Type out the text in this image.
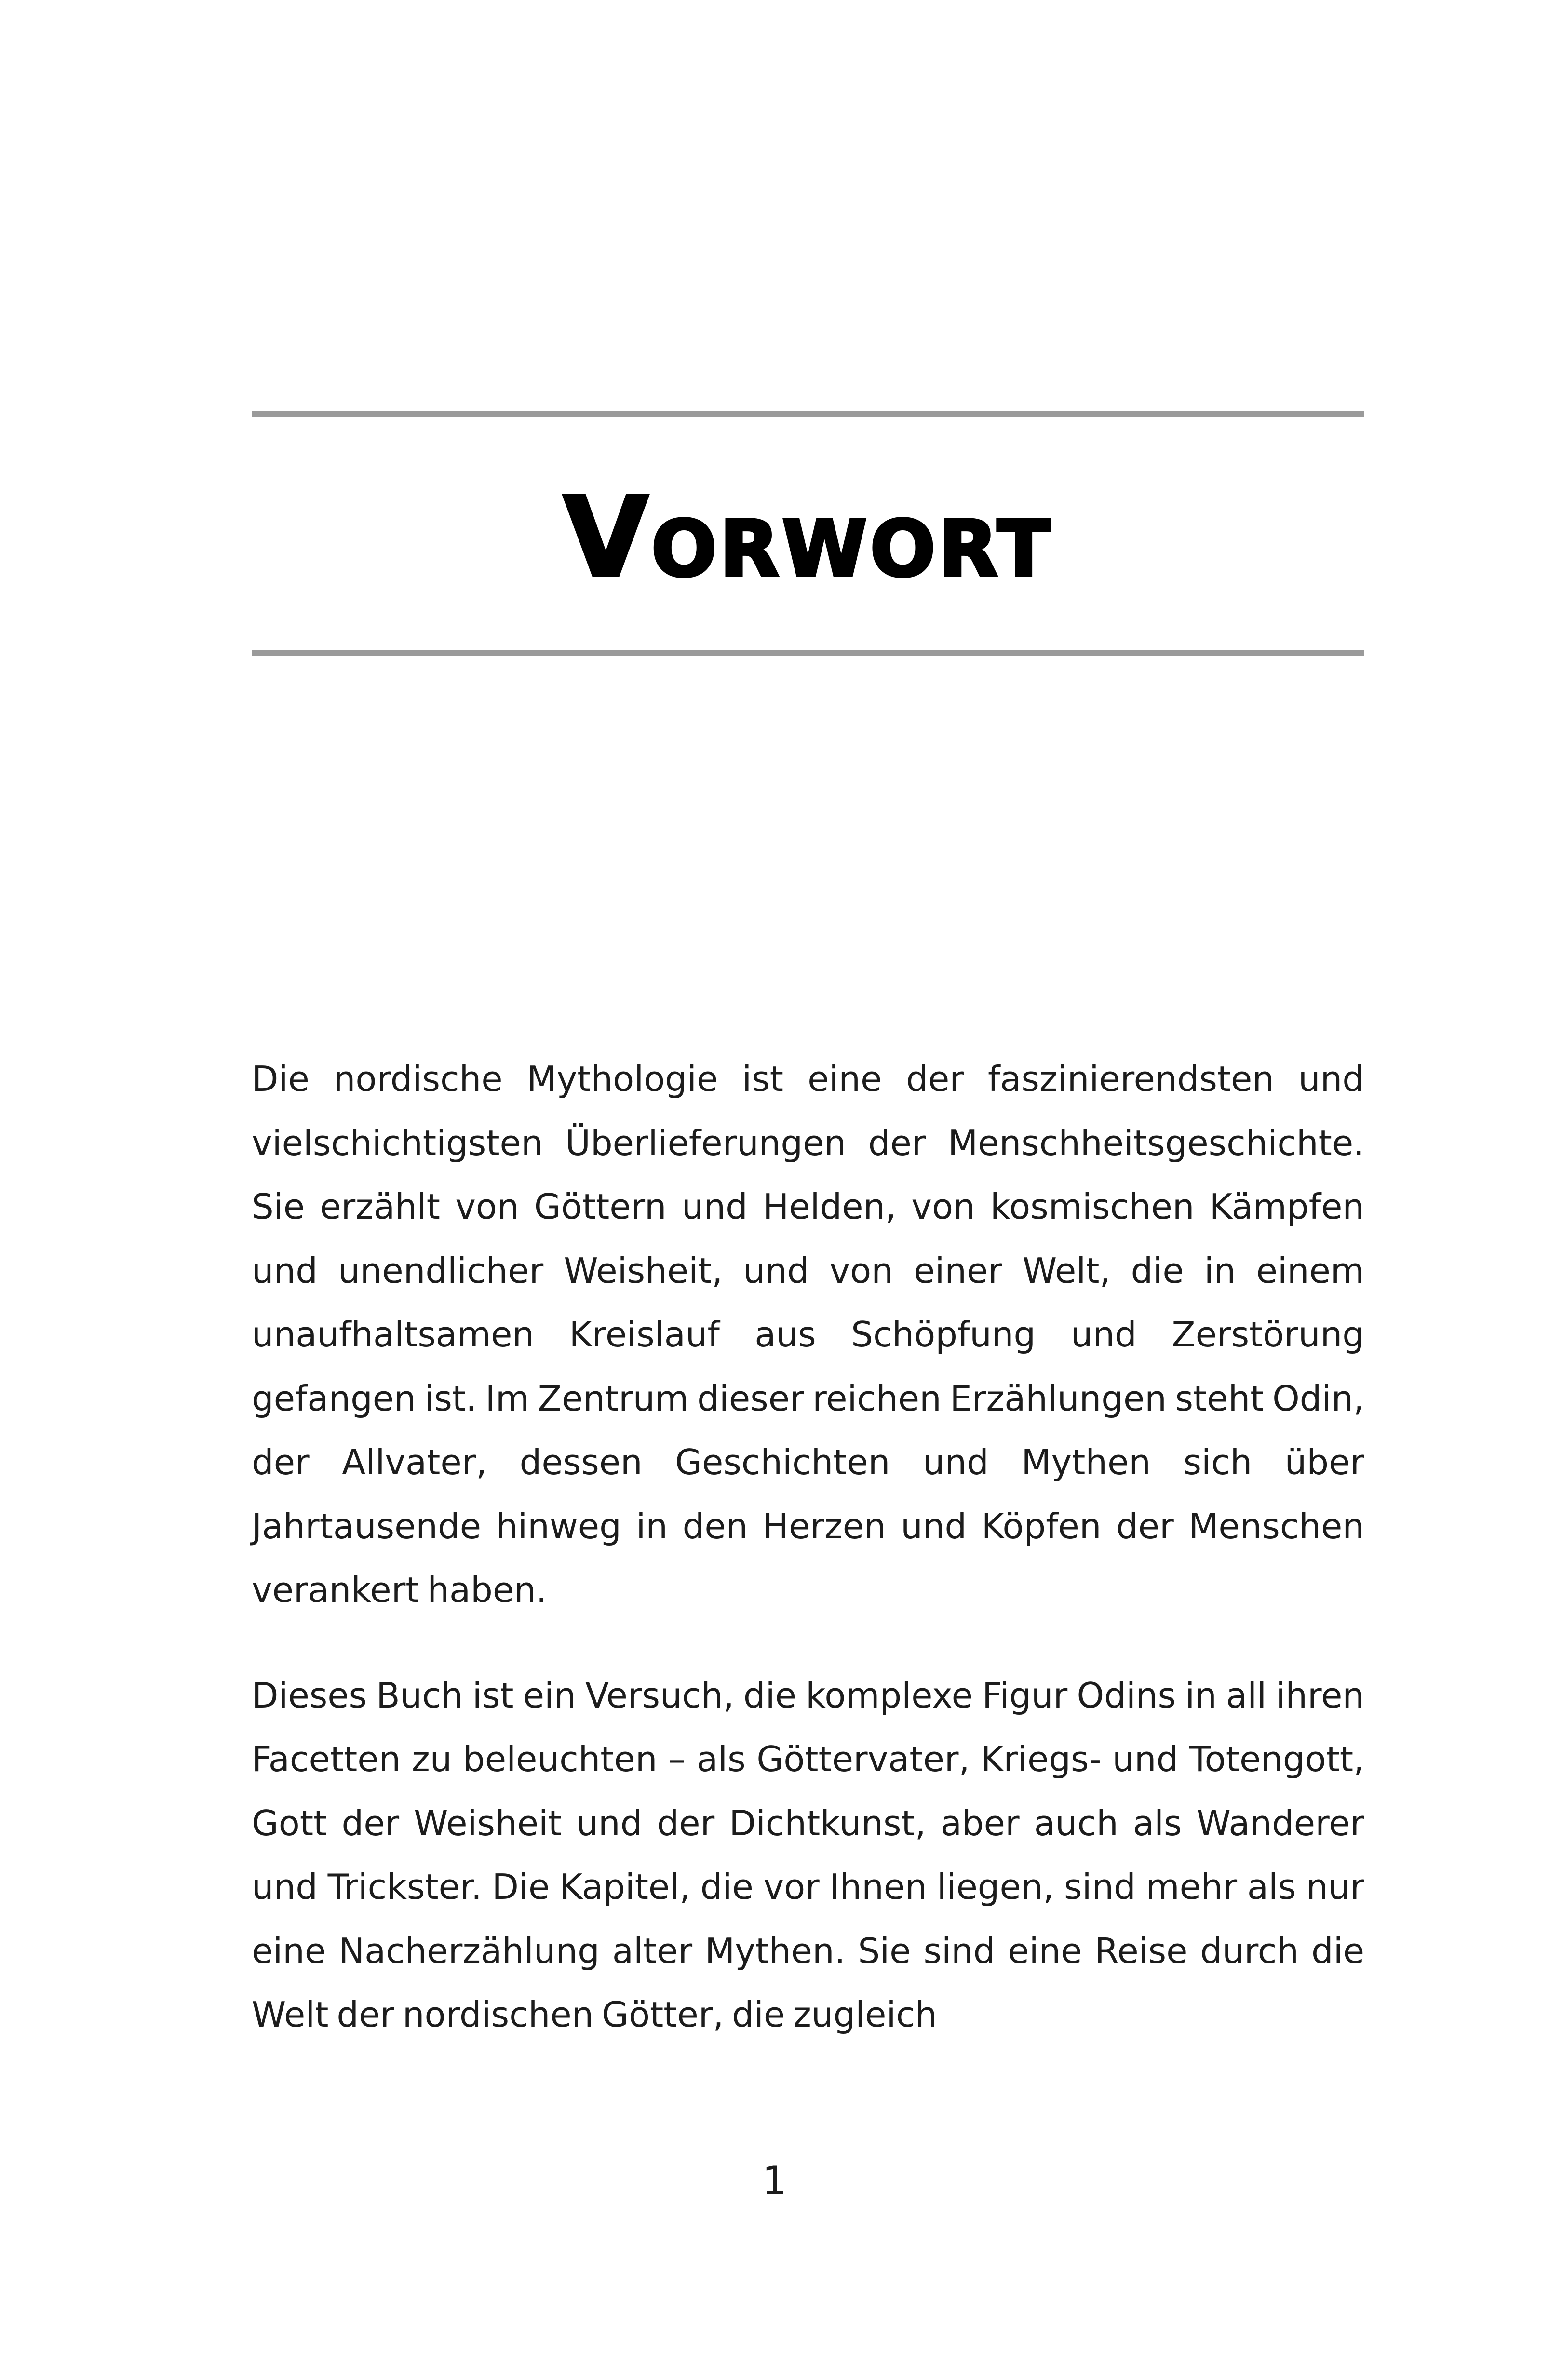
Vorwort

Die nordische Mythologie ist eine der faszinierendsten und vielschichtigsten Überlieferungen der Menschheitsgeschichte. Sie erzählt von Göttern und Helden, von kosmischen Kämpfen und unendlicher Weisheit, und von einer Welt, die in einem unaufhaltsamen Kreislauf aus Schöpfung und Zerstörung gefangen ist. Im Zentrum dieser reichen Erzählungen steht Odin, der Allvater, dessen Geschichten und Mythen sich über Jahrtausende hinweg in den Herzen und Köpfen der Menschen verankert haben.

Dieses Buch ist ein Versuch, die komplexe Figur Odins in all ihren Facetten zu beleuchten – als Göttervater, Kriegs- und Totengott, Gott der Weisheit und der Dichtkunst, aber auch als Wanderer und Trickster. Die Kapitel, die vor Ihnen liegen, sind mehr als nur eine Nacherzählung alter Mythen. Sie sind eine Reise durch die Welt der nordischen Götter, die zugleich

1
